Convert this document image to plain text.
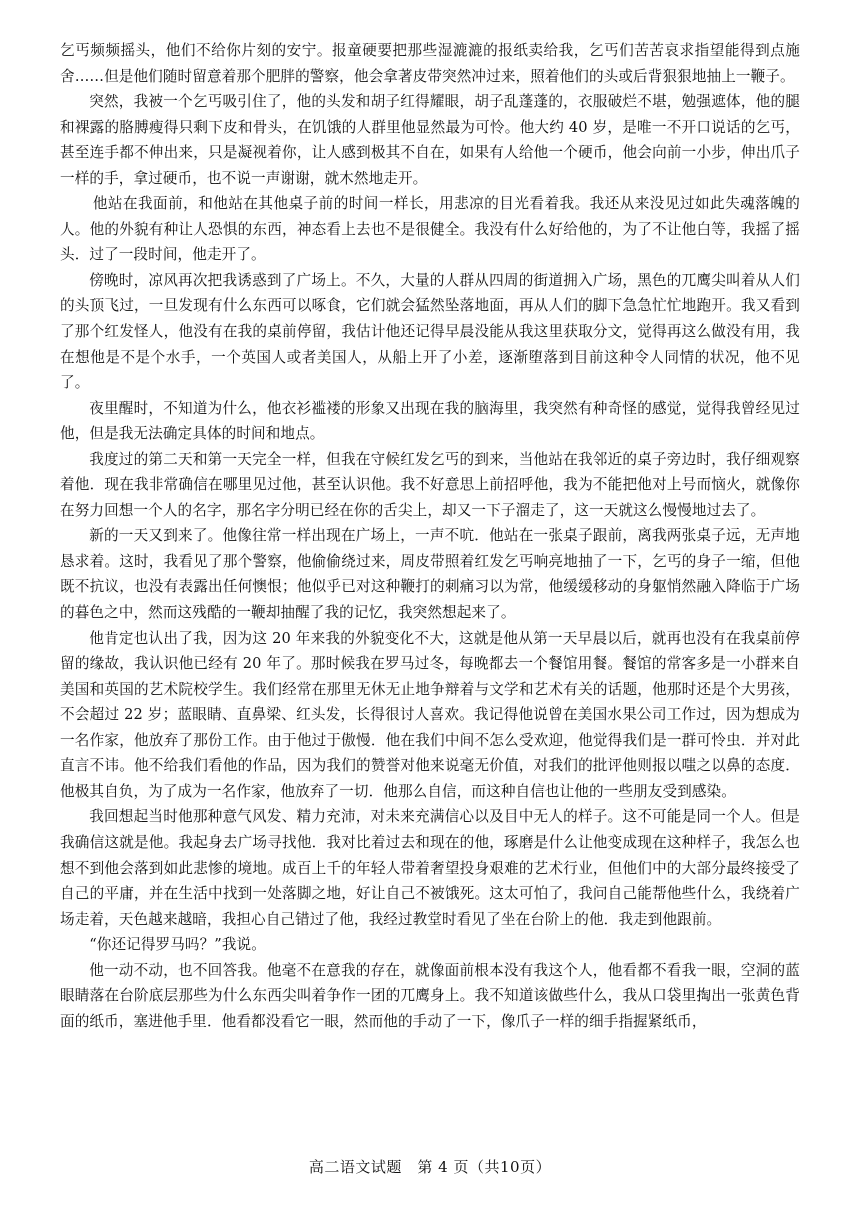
乞丐频频摇头，他们不给你片刻的安宁。报童硬要把那些湿漉漉的报纸卖给我，乞丐们苦苦哀求指望能得到点施舍……但是他们随时留意着那个肥胖的警察，他会拿著皮带突然冲过来，照着他们的头或后背狠狠地抽上一鞭子。

突然，我被一个乞丐吸引住了，他的头发和胡子红得耀眼，胡子乱蓬蓬的，衣服破烂不堪，勉强遮体，他的腿和裸露的胳膊瘦得只剩下皮和骨头，在饥饿的人群里他显然最为可怜。他大约 40 岁，是唯一不开口说话的乞丐，甚至连手都不伸出来，只是凝视着你，让人感到极其不自在，如果有人给他一个硬币，他会向前一小步，伸出爪子一样的手，拿过硬币，也不说一声谢谢，就木然地走开。

他站在我面前，和他站在其他桌子前的时间一样长，用悲凉的目光看着我。我还从来没见过如此失魂落魄的人。他的外貌有种让人恐惧的东西，神态看上去也不是很健全。我没有什么好给他的，为了不让他白等，我摇了摇头．过了一段时间，他走开了。

傍晚时，凉风再次把我诱惑到了广场上。不久，大量的人群从四周的街道拥入广场，黑色的兀鹰尖叫着从人们的头顶飞过，一旦发现有什么东西可以啄食，它们就会猛然坠落地面，再从人们的脚下急急忙忙地跑开。我又看到了那个红发怪人，他没有在我的桌前停留，我估计他还记得早晨没能从我这里获取分文，觉得再这么做没有用，我在想他是不是个水手，一个英国人或者美国人，从船上开了小差，逐渐堕落到目前这种令人同情的状况，他不见了。

夜里醒时，不知道为什么，他衣衫褴褛的形象又出现在我的脑海里，我突然有种奇怪的感觉，觉得我曾经见过他，但是我无法确定具体的时间和地点。

我度过的第二天和第一天完全一样，但我在守候红发乞丐的到来，当他站在我邻近的桌子旁边时，我仔细观察着他．现在我非常确信在哪里见过他，甚至认识他。我不好意思上前招呼他，我为不能把他对上号而恼火，就像你在努力回想一个人的名字，那名字分明已经在你的舌尖上，却又一下子溜走了，这一天就这么慢慢地过去了。

新的一天又到来了。他像往常一样出现在广场上，一声不吭．他站在一张桌子跟前，离我两张桌子远，无声地恳求着。这时，我看见了那个警察，他偷偷绕过来，周皮带照着红发乞丐响亮地抽了一下，乞丐的身子一缩，但他既不抗议，也没有表露出任何懊恨；他似乎已对这种鞭打的刺痛习以为常，他缓缓移动的身躯悄然融入降临于广场的暮色之中，然而这残酷的一鞭却抽醒了我的记忆，我突然想起来了。

他肯定也认出了我，因为这 20 年来我的外貌变化不大，这就是他从第一天早晨以后，就再也没有在我桌前停留的缘故，我认识他已经有 20 年了。那时候我在罗马过冬，每晚都去一个餐馆用餐。餐馆的常客多是一小群来自美国和英国的艺术院校学生。我们经常在那里无休无止地争辩着与文学和艺术有关的话题，他那时还是个大男孩，不会超过 22 岁；蓝眼睛、直鼻梁、红头发，长得很讨人喜欢。我记得他说曾在美国水果公司工作过，因为想成为一名作家，他放弃了那份工作。由于他过于傲慢．他在我们中间不怎么受欢迎，他觉得我们是一群可怜虫．并对此直言不讳。他不给我们看他的作品，因为我们的赞誉对他来说毫无价值，对我们的批评他则报以嗤之以鼻的态度．他极其自负，为了成为一名作家，他放弃了一切．他那么自信，而这种自信也让他的一些朋友受到感染。

我回想起当时他那种意气风发、精力充沛，对未来充满信心以及目中无人的样子。这不可能是同一个人。但是我确信这就是他。我起身去广场寻找他．我对比着过去和现在的他，琢磨是什么让他变成现在这种样子，我怎么也想不到他会落到如此悲惨的境地。成百上千的年轻人带着奢望投身艰难的艺术行业，但他们中的大部分最终接受了自己的平庸，并在生活中找到一处落脚之地，好让自己不被饿死。这太可怕了，我问自己能帮他些什么，我绕着广场走着，天色越来越暗，我担心自己错过了他，我经过教堂时看见了坐在台阶上的他．我走到他跟前。

“你还记得罗马吗？”我说。

他一动不动，也不回答我。他毫不在意我的存在，就像面前根本没有我这个人，他看都不看我一眼，空洞的蓝眼睛落在台阶底层那些为什么东西尖叫着争作一团的兀鹰身上。我不知道该做些什么，我从口袋里掏出一张黄色背面的纸币，塞进他手里．他看都没看它一眼，然而他的手动了一下，像爪子一样的细手指握紧纸币，

高二语文试题　第 4 页（共10页）
